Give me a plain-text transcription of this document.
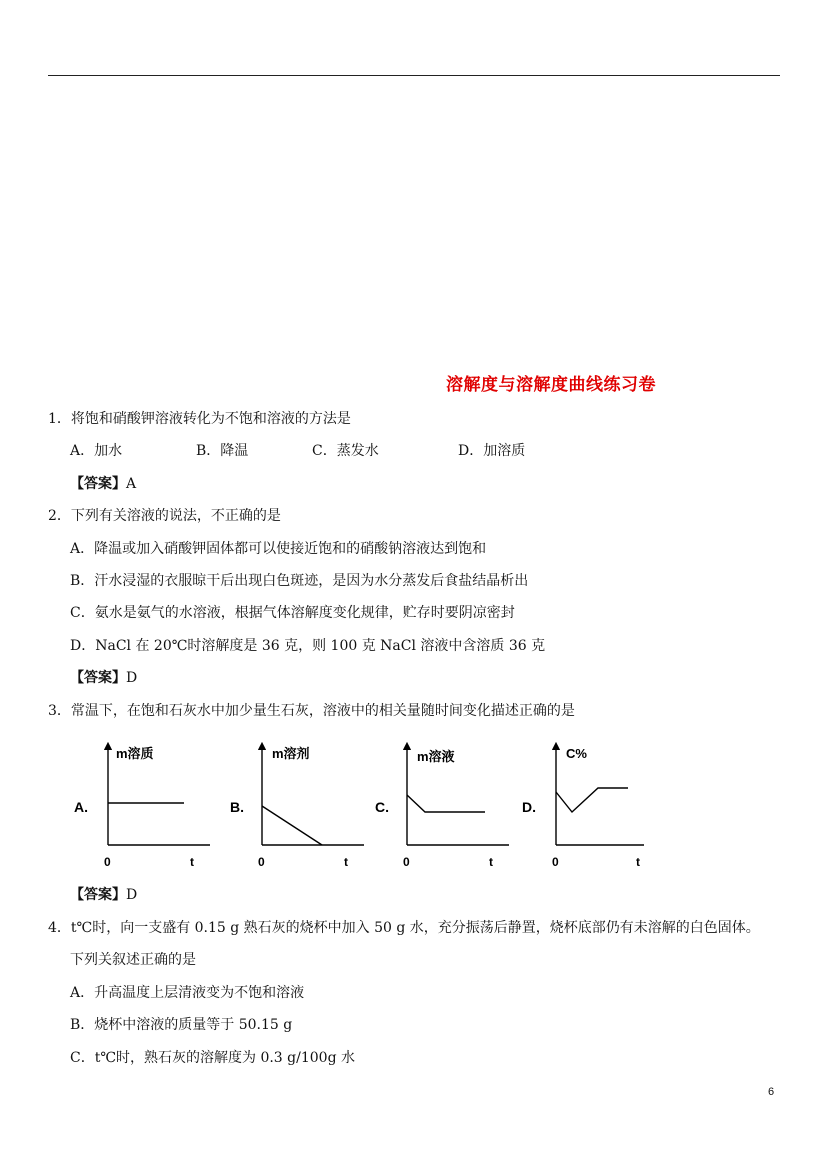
溶解度与溶解度曲线练习卷
1．将饱和硝酸钾溶液转化为不饱和溶液的方法是
A．加水	B．降温	C．蒸发水	D．加溶质
【答案】A
2．下列有关溶液的说法，不正确的是
A．降温或加入硝酸钾固体都可以使接近饱和的硝酸钠溶液达到饱和
B．汗水浸湿的衣服晾干后出现白色斑迹，是因为水分蒸发后食盐结晶析出
C．氨水是氨气的水溶液，根据气体溶解度变化规律，贮存时要阴凉密封
D．NaCl 在 20℃时溶解度是 36 克，则 100 克 NaCl 溶液中含溶质 36 克
【答案】D
3．常温下，在饱和石灰水中加少量生石灰，溶液中的相关量随时间变化描述正确的是
m溶质
A.
0	t
m溶剂
B.
0	t
m溶液
C.
0	t
C%
D.
0	t
【答案】D
4．t℃时，向一支盛有 0.15 g 熟石灰的烧杯中加入 50 g 水，充分振荡后静置，烧杯底部仍有未溶解的白色固体。
下列关叙述正确的是
A．升高温度上层清液变为不饱和溶液
B．烧杯中溶液的质量等于 50.15 g
C．t℃时，熟石灰的溶解度为 0.3 g/100g 水
6
